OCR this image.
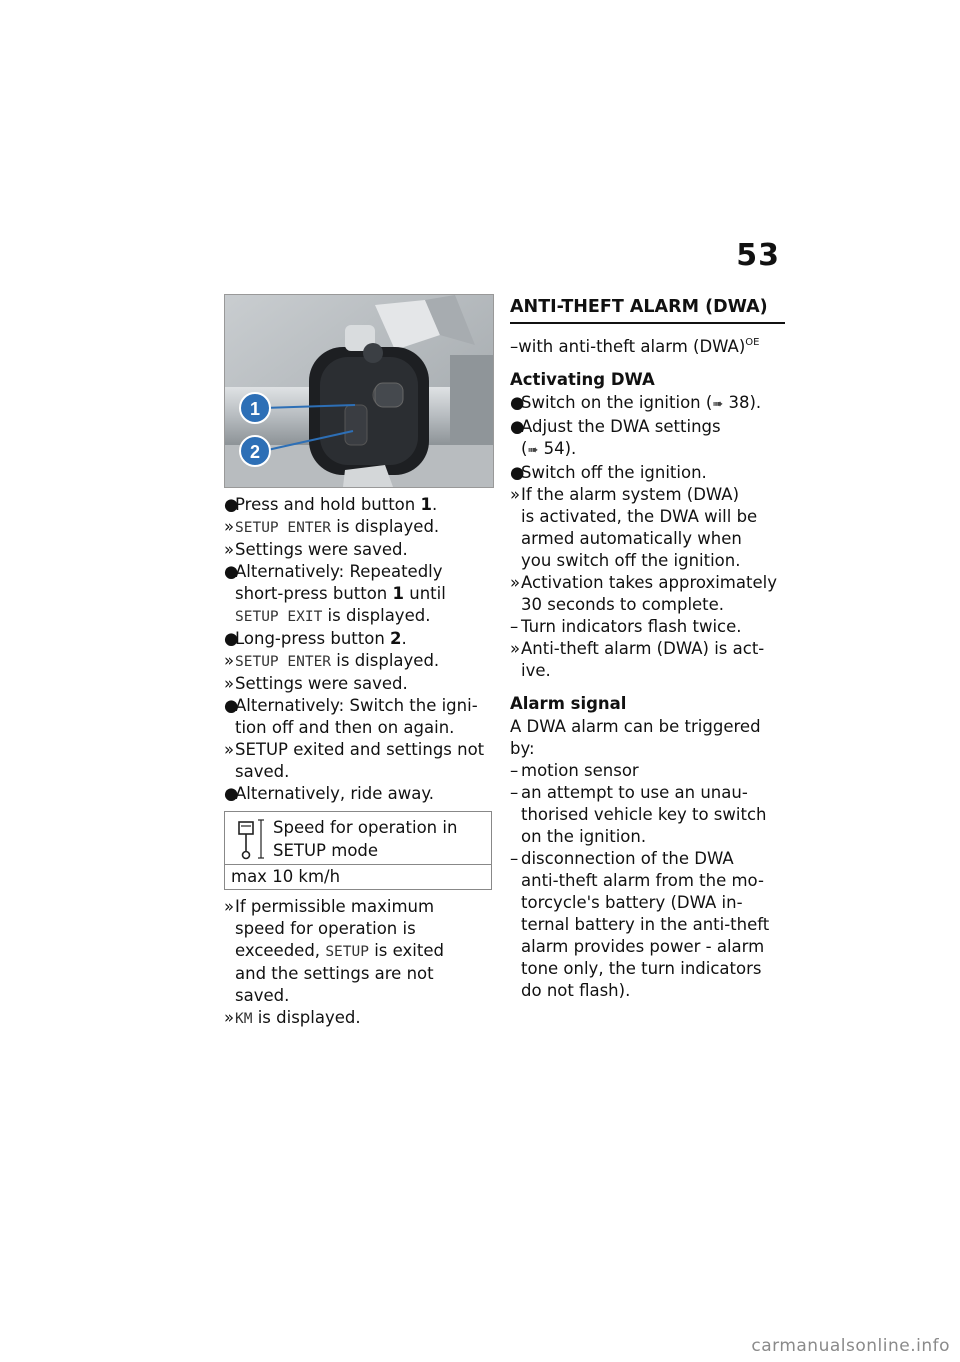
53
1
2
●
Press and hold button 1.
» SETUP ENTER is displayed.
» Settings were saved.
●
Alternatively: Repeatedly
short-press button 1 until
SETUP EXIT is displayed.
●
Long-press button 2.
» SETUP ENTER is displayed.
» Settings were saved.
●
Alternatively: Switch the igni-
tion off and then on again.
» SETUP exited and settings not
saved.
●
Alternatively, ride away.
Speed for operation in
SETUP mode
max 10 km/h
» If permissible maximum
speed for operation is
exceeded, SETUP is exited
and the settings are not
saved.
» KM is displayed.
ANTI-THEFT ALARM (DWA)
–with anti-theft alarm (DWA)$^{OE}$
Activating DWA
●
Switch on the ignition (➠ 38).
●
Adjust the DWA settings
(➠ 54).
●
Switch off the ignition.
» If the alarm system (DWA)
is activated, the DWA will be
armed automatically when
you switch off the ignition.
» Activation takes approximately
30 seconds to complete.
– Turn indicators flash twice.
» Anti-theft alarm (DWA) is act-
ive.
Alarm signal
A DWA alarm can be triggered
by:
– motion sensor
– an attempt to use an unau-
thorised vehicle key to switch
on the ignition.
– disconnection of the DWA
anti-theft alarm from the mo-
torcycle's battery (DWA in-
ternal battery in the anti-theft
alarm provides power - alarm
tone only, the turn indicators
do not flash).
carmanualsonline.info
